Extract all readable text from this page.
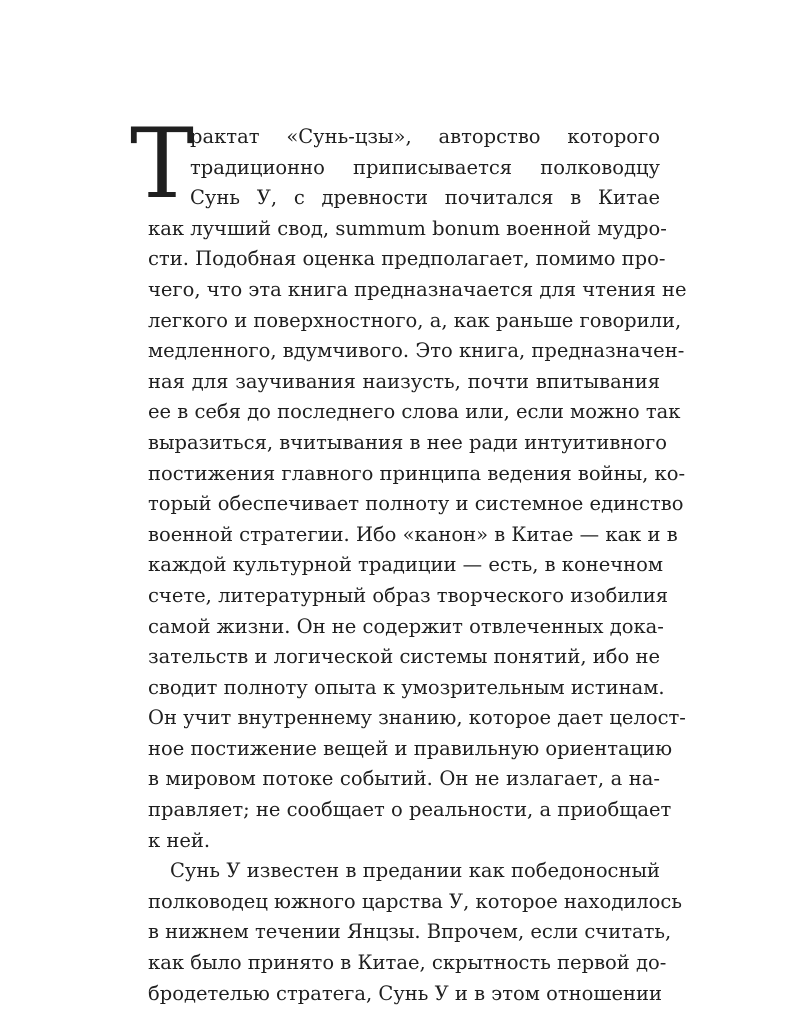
Т
рактат «Сунь-цзы», авторство которого
традиционно приписывается полководцу
Сунь У, с древности почитался в Китае
как лучший свод, summum bonum военной мудро-
сти. Подобная оценка предполагает, помимо про-
чего, что эта книга предназначается для чтения не
легкого и поверхностного, а, как раньше говорили,
медленного, вдумчивого. Это книга, предназначен-
ная для заучивания наизусть, почти впитывания
ее в себя до последнего слова или, если можно так
выразиться, вчитывания в нее ради интуитивного
постижения главного принципа ведения войны, ко-
торый обеспечивает полноту и системное единство
военной стратегии. Ибо «канон» в Китае — как и в
каждой культурной традиции — есть, в конечном
счете, литературный образ творческого изобилия
самой жизни. Он не содержит отвлеченных дока-
зательств и логической системы понятий, ибо не
сводит полноту опыта к умозрительным истинам.
Он учит внутреннему знанию, которое дает целост-
ное постижение вещей и правильную ориентацию
в мировом потоке событий. Он не излагает, а на-
правляет; не сообщает о реальности, а приобщает
к ней.
Сунь У известен в предании как победоносный
полководец южного царства У, которое находилось
в нижнем течении Янцзы. Впрочем, если считать,
как было принято в Китае, скрытность первой до-
бродетелью стратега, Сунь У и в этом отношении
